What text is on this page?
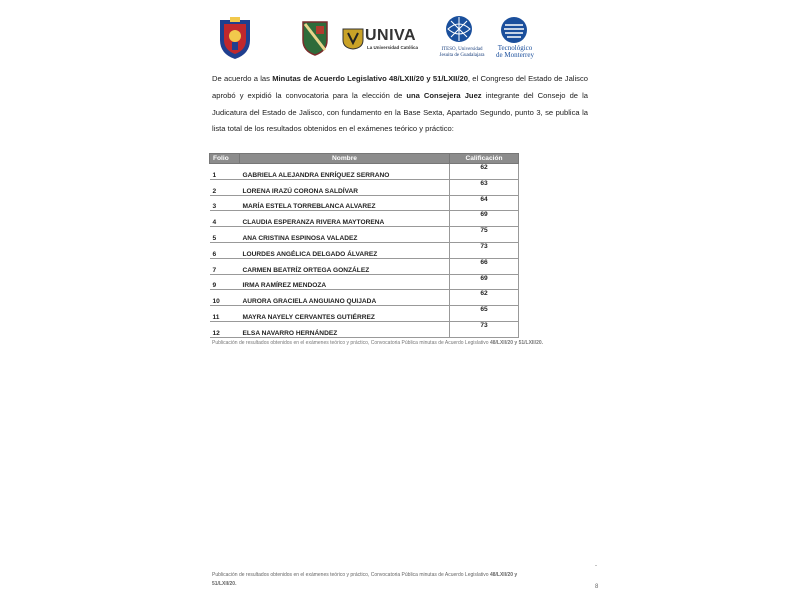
UNIVA
La Universidad Católica	ITESO, Universidad
Jesuita de Guadalajara
Tecnológico
de Monterrey
De acuerdo a las Minutas de Acuerdo Legislativo 48/LXII/20 y 51/LXII/20, el Congreso del Estado de Jalisco aprobó y expidió la convocatoria para la elección de una Consejera Juez integrante del Consejo de la Judicatura del Estado de Jalisco, con fundamento en la Base Sexta, Apartado Segundo, punto 3, se publica la lista total de los resultados obtenidos en el exámenes teórico y práctico:
Folio	Nombre	Calificación
1	GABRIELA ALEJANDRA ENRÍQUEZ SERRANO	62
2	LORENA IRAZÚ CORONA SALDÍVAR	63
3	MARÍA ESTELA TORREBLANCA ALVAREZ	64
4	CLAUDIA ESPERANZA RIVERA MAYTORENA	69
5	ANA CRISTINA ESPINOSA VALADEZ	75
6	LOURDES ANGÉLICA DELGADO ÁLVAREZ	73
7	CARMEN BEATRÍZ ORTEGA GONZÁLEZ	66
9	IRMA RAMÍREZ MENDOZA	69
10	AURORA GRACIELA ANGUIANO QUIJADA	62
11	MAYRA NAYELY CERVANTES GUTIÉRREZ	65
12	ELSA NAVARRO HERNÁNDEZ	73
Publicación de resultados obtenidos en el exámenes teórico y práctico, Convocatoria Pública minutas de Acuerdo Legislativo 48/LXII/20 y 51/LXII/20.
-
Publicación de resultados obtenidos en el exámenes teórico y práctico, Convocatoria Pública minutas de Acuerdo Legislativo 48/LXII/20 y
51/LXII/20.	8
